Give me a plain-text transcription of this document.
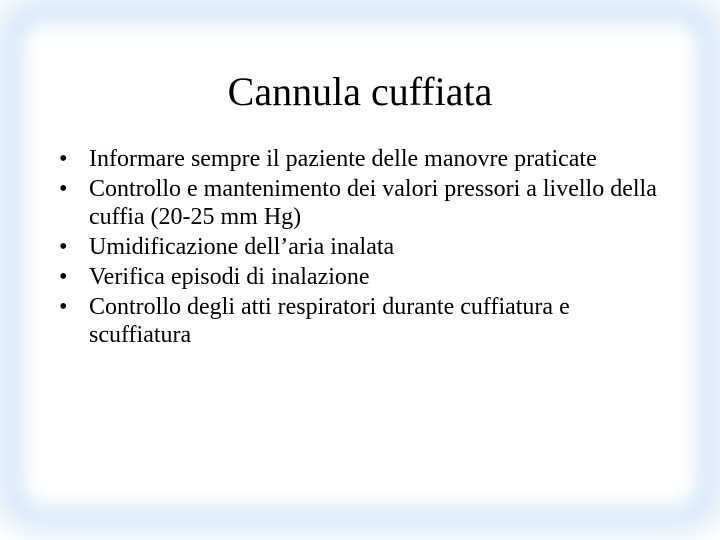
Cannula cuffiata
• Informare sempre il paziente delle manovre praticate
• Controllo e mantenimento dei valori pressori a livello della cuffia (20-25 mm Hg)
• Umidificazione dell’aria inalata
• Verifica episodi di inalazione
• Controllo degli atti respiratori durante cuffiatura e scuffiatura
